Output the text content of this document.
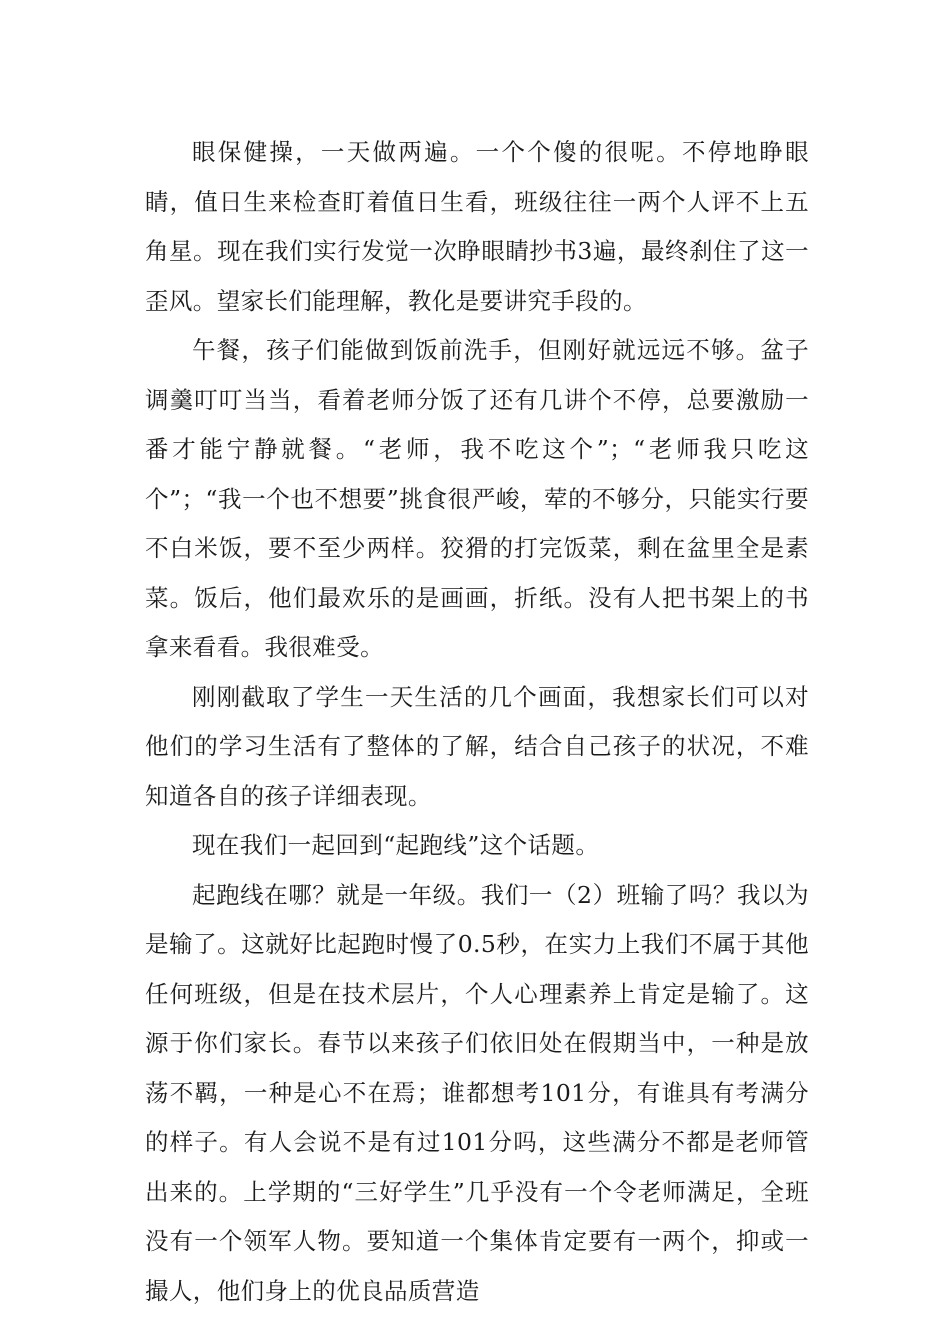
眼保健操，一天做两遍。一个个傻的很呢。不停地睁眼睛，值日生来检查盯着值日生看，班级往往一两个人评不上五角星。现在我们实行发觉一次睁眼睛抄书3遍，最终刹住了这一歪风。望家长们能理解，教化是要讲究手段的。

午餐，孩子们能做到饭前洗手，但刚好就远远不够。盆子调羹叮叮当当，看着老师分饭了还有几讲个不停，总要激励一番才能宁静就餐。“老师，我不吃这个”；“老师我只吃这个”；“我一个也不想要”挑食很严峻，荤的不够分，只能实行要不白米饭，要不至少两样。狡猾的打完饭菜，剩在盆里全是素菜。饭后，他们最欢乐的是画画，折纸。没有人把书架上的书拿来看看。我很难受。

刚刚截取了学生一天生活的几个画面，我想家长们可以对他们的学习生活有了整体的了解，结合自己孩子的状况，不难知道各自的孩子详细表现。

现在我们一起回到“起跑线”这个话题。

起跑线在哪？就是一年级。我们一（2）班输了吗？我以为是输了。这就好比起跑时慢了0.5秒，在实力上我们不属于其他任何班级，但是在技术层片，个人心理素养上肯定是输了。这源于你们家长。春节以来孩子们依旧处在假期当中，一种是放荡不羁，一种是心不在焉；谁都想考101分，有谁具有考满分的样子。有人会说不是有过101分吗，这些满分不都是老师管出来的。上学期的“三好学生”几乎没有一个令老师满足，全班没有一个领军人物。要知道一个集体肯定要有一两个，抑或一撮人，他们身上的优良品质营造
